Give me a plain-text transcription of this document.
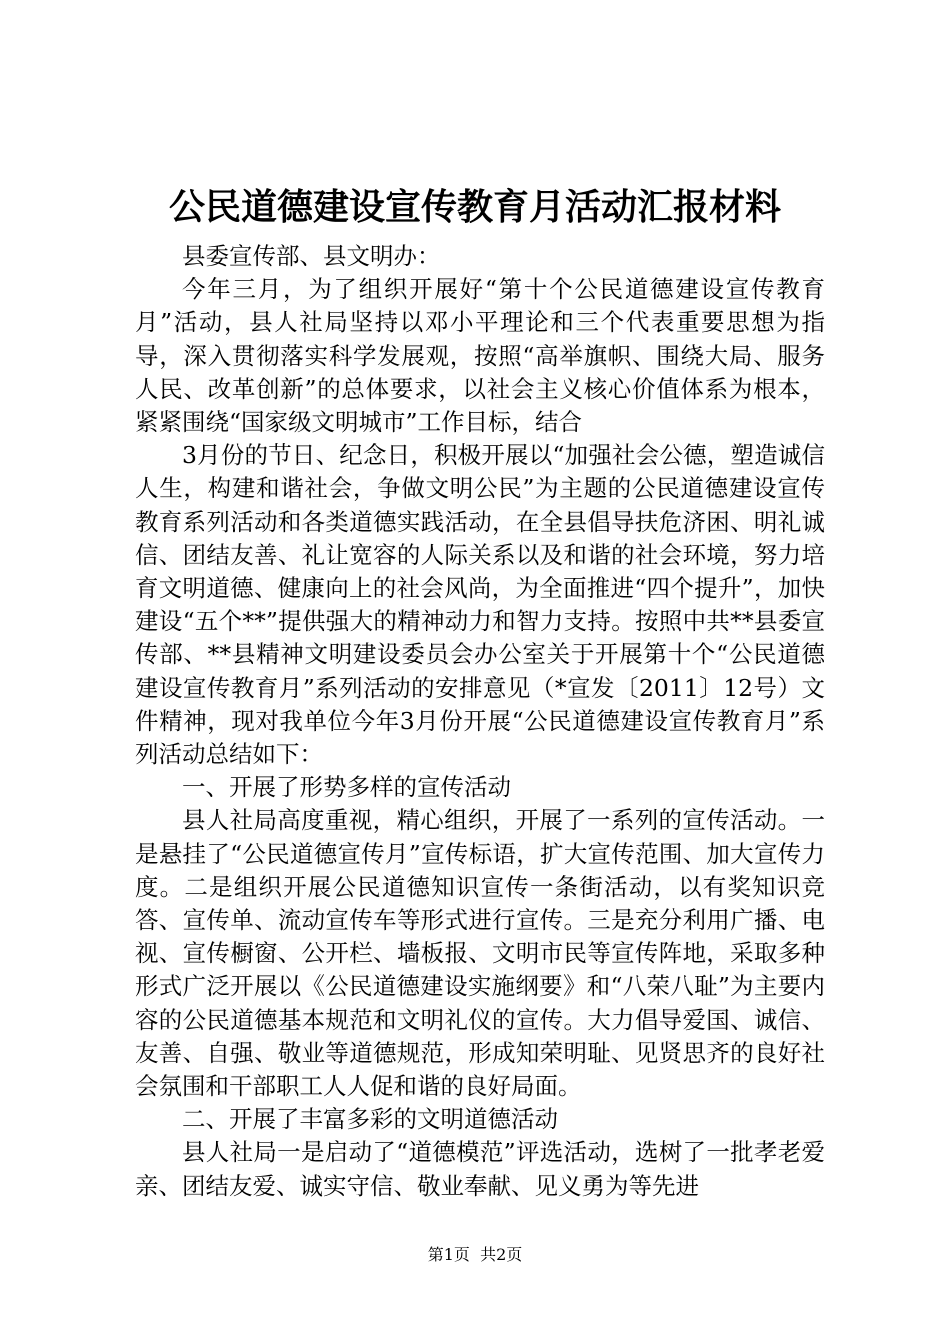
公民道德建设宣传教育月活动汇报材料

县委宣传部、县文明办：

今年三月，为了组织开展好“第十个公民道德建设宣传教育月”活动，县人社局坚持以邓小平理论和三个代表重要思想为指导，深入贯彻落实科学发展观，按照“高举旗帜、围绕大局、服务人民、改革创新”的总体要求，以社会主义核心价值体系为根本，紧紧围绕“国家级文明城市”工作目标，结合

3月份的节日、纪念日，积极开展以“加强社会公德，塑造诚信人生，构建和谐社会，争做文明公民”为主题的公民道德建设宣传教育系列活动和各类道德实践活动，在全县倡导扶危济困、明礼诚信、团结友善、礼让宽容的人际关系以及和谐的社会环境，努力培育文明道德、健康向上的社会风尚，为全面推进“四个提升”，加快建设“五个**”提供强大的精神动力和智力支持。按照中共**县委宣传部、**县精神文明建设委员会办公室关于开展第十个“公民道德建设宣传教育月”系列活动的安排意见（*宣发〔2011〕12号）文件精神，现对我单位今年3月份开展“公民道德建设宣传教育月”系列活动总结如下：

一、开展了形势多样的宣传活动

县人社局高度重视，精心组织，开展了一系列的宣传活动。一是悬挂了“公民道德宣传月”宣传标语，扩大宣传范围、加大宣传力度。二是组织开展公民道德知识宣传一条街活动，以有奖知识竞答、宣传单、流动宣传车等形式进行宣传。三是充分利用广播、电视、宣传橱窗、公开栏、墙板报、文明市民等宣传阵地，采取多种形式广泛开展以《公民道德建设实施纲要》和“八荣八耻”为主要内容的公民道德基本规范和文明礼仪的宣传。大力倡导爱国、诚信、友善、自强、敬业等道德规范，形成知荣明耻、见贤思齐的良好社会氛围和干部职工人人促和谐的良好局面。

二、开展了丰富多彩的文明道德活动

县人社局一是启动了“道德模范”评选活动，选树了一批孝老爱亲、团结友爱、诚实守信、敬业奉献、见义勇为等先进

第1页  共2页
